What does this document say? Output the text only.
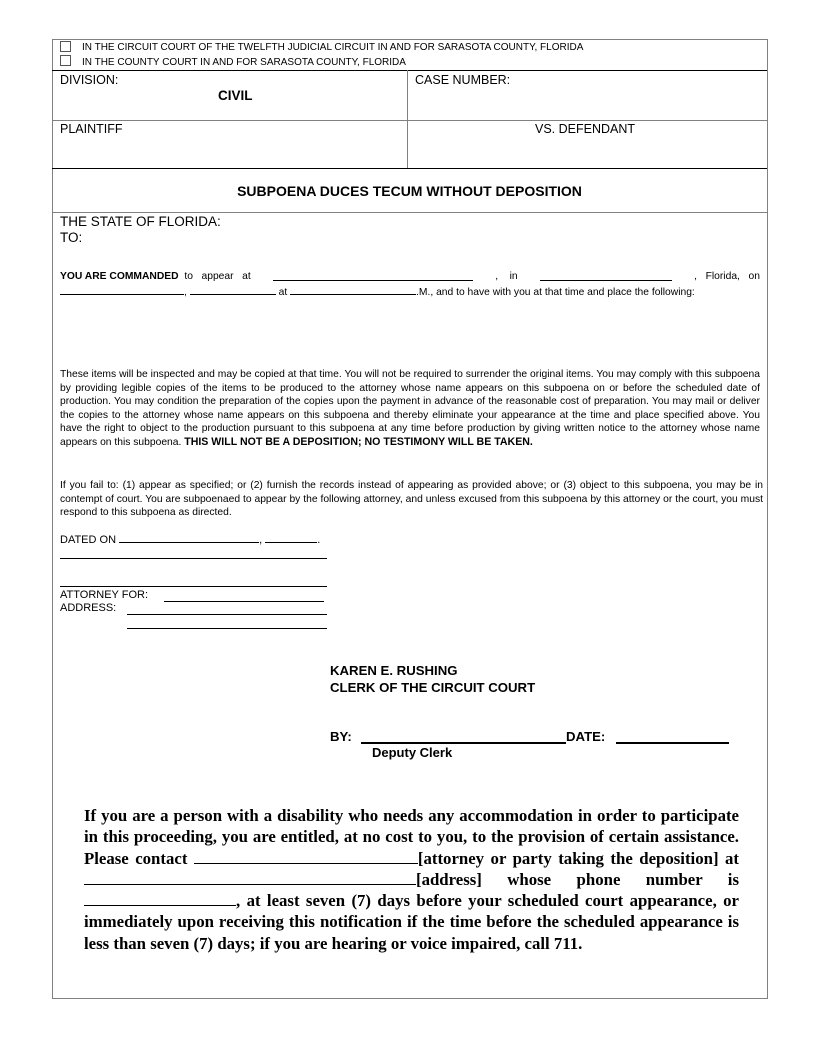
IN THE CIRCUIT COURT OF THE TWELFTH JUDICIAL CIRCUIT IN AND FOR SARASOTA COUNTY, FLORIDA
IN THE COUNTY COURT IN AND FOR SARASOTA COUNTY, FLORIDA
DIVISION:
CIVIL
CASE NUMBER:
PLAINTIFF	VS. DEFENDANT
SUBPOENA DUCES TECUM WITHOUT DEPOSITION
THE STATE OF FLORIDA:
TO:
YOU ARE COMMANDED  to   appear   at	,    in	,   Florida,   on
,	at	.M., and to have with you at that time and place the following:
These items will be inspected and may be copied at that time. You will not be required to surrender the original items. You may comply with this subpoena by providing legible copies of the items to be produced to the attorney whose name appears on this subpoena on or before the scheduled date of production. You may condition the preparation of the copies upon the payment in advance of the reasonable cost of preparation. You may mail or deliver the copies to the attorney whose name appears on this subpoena and thereby eliminate your appearance at the time and place specified above. You have the right to object to the production pursuant to this subpoena at any time before production by giving written notice to the attorney whose name appears on this subpoena. THIS WILL NOT BE A DEPOSITION; NO TESTIMONY WILL BE TAKEN.
If you fail to: (1) appear as specified; or (2) furnish the records instead of appearing as provided above; or (3) object to this subpoena, you may be in contempt of court. You are subpoenaed to appear by the following attorney, and unless excused from this subpoena by this attorney or the court, you must respond to this subpoena as directed.
DATED ON	,	.
ATTORNEY FOR:
ADDRESS:
KAREN E. RUSHING
CLERK OF THE CIRCUIT COURT
BY:	DATE:
Deputy Clerk
If you are a person with a disability who needs any accommodation in order to participate in this proceeding, you are entitled, at no cost to you, to the provision of certain assistance. Please contact	[attorney or party taking the deposition] at [address] whose phone number is , at least seven (7) days before your scheduled court appearance, or immediately upon receiving this notification if the time before the scheduled appearance is less than seven (7) days; if you are hearing or voice impaired, call 711.
